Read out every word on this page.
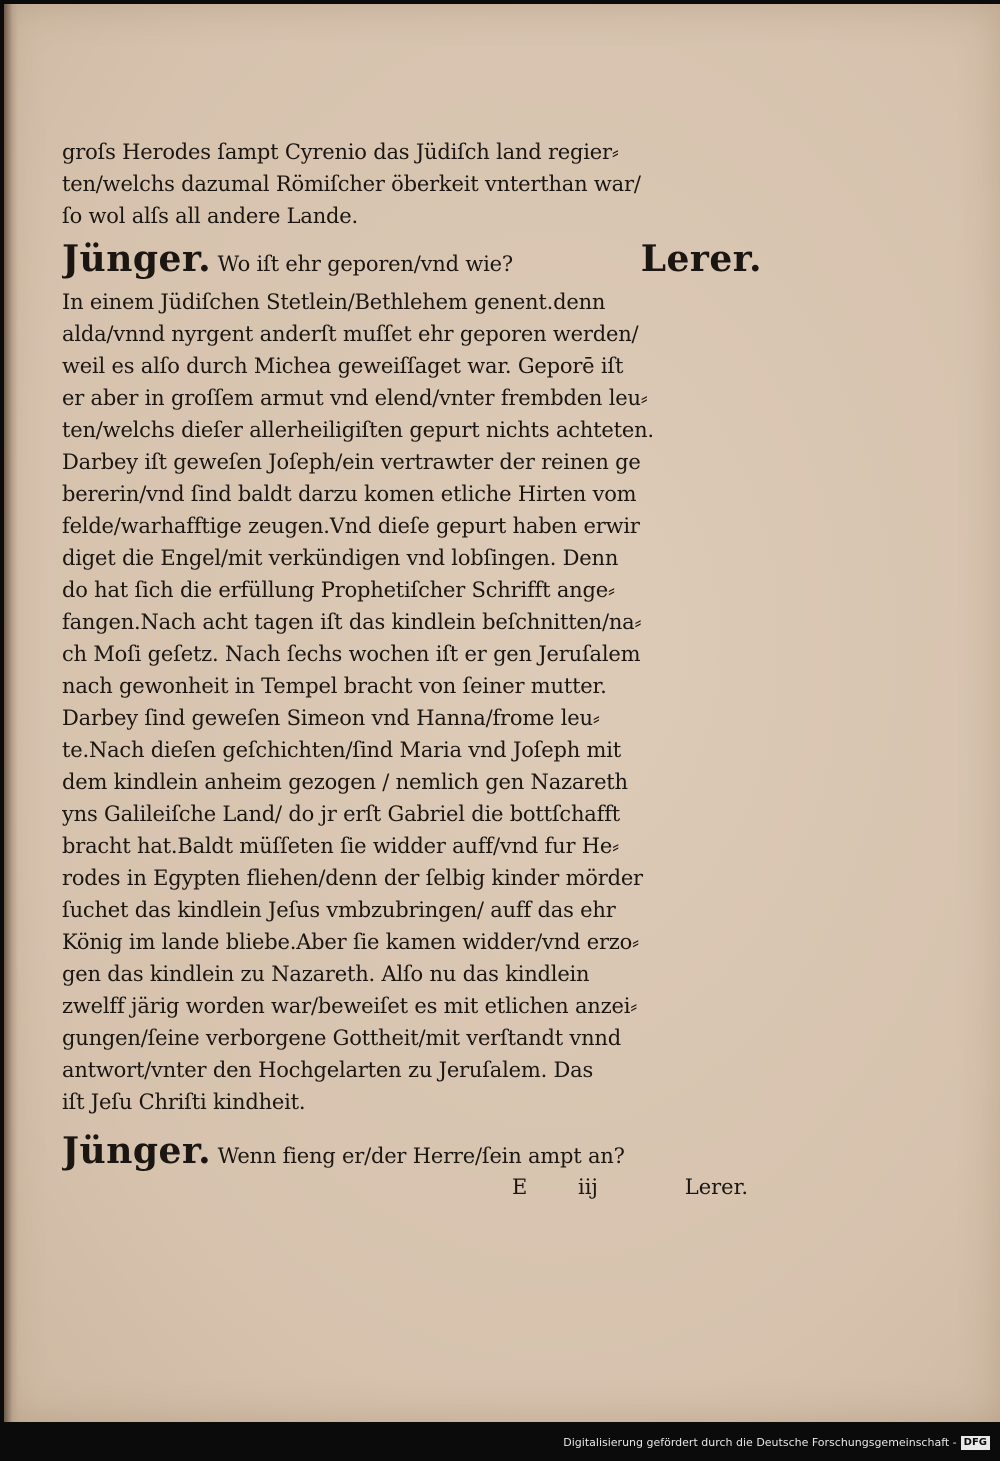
groſs Herodes ſampt Cyrenio das Jüdiſch land regier⸗
ten/welchs dazumal Römiſcher öberkeit vnterthan war/
ſo wol alſs all andere Lande.
Jünger. Wo iſt ehr geporen/vnd wie?	Lerer.
In einem Jüdiſchen Stetlein/Bethlehem genent.denn
alda/vnnd nyrgent anderſt muſſet ehr geporen werden/
weil es alſo durch Michea geweiſſaget war. Geporē iſt
er aber in groſſem armut vnd elend/vnter frembden leu⸗
ten/welchs dieſer allerheiligiſten gepurt nichts achteten.
Darbey iſt geweſen Joſeph/ein vertrawter der reinen ge
bererin/vnd ſind baldt darzu komen etliche Hirten vom
felde/warhafftige zeugen.Vnd dieſe gepurt haben erwir
diget die Engel/mit verkündigen vnd lobſingen. Denn
do hat ſich die erfüllung Prophetiſcher Schrifft ange⸗
fangen.Nach acht tagen iſt das kindlein beſchnitten/na⸗
ch Moſi geſetz. Nach ſechs wochen iſt er gen Jeruſalem
nach gewonheit in Tempel bracht von ſeiner mutter.
Darbey ſind geweſen Simeon vnd Hanna/frome leu⸗
te.Nach dieſen geſchichten/ſind Maria vnd Joſeph mit
dem kindlein anheim gezogen / nemlich gen Nazareth
yns Galileiſche Land/ do jr erſt Gabriel die bottſchafft
bracht hat.Baldt müſſeten ſie widder auff/vnd fur He⸗
rodes in Egypten fliehen/denn der ſelbig kinder mörder
ſuchet das kindlein Jeſus vmbzubringen/ auff das ehr
König im lande bliebe.Aber ſie kamen widder/vnd erzo⸗
gen das kindlein zu Nazareth. Alſo nu das kindlein
zwelff järig worden war/beweiſet es mit etlichen anzei⸗
gungen/ſeine verborgene Gottheit/mit verſtandt vnnd
antwort/vnter den Hochgelarten zu Jeruſalem. Das
iſt Jeſu Chriſti kindheit.
Jünger. Wenn fieng er/der Herre/ſein ampt an?
E iij	Lerer.
Digitalisierung gefördert durch die Deutsche Forschungsgemeinschaft - DFG
